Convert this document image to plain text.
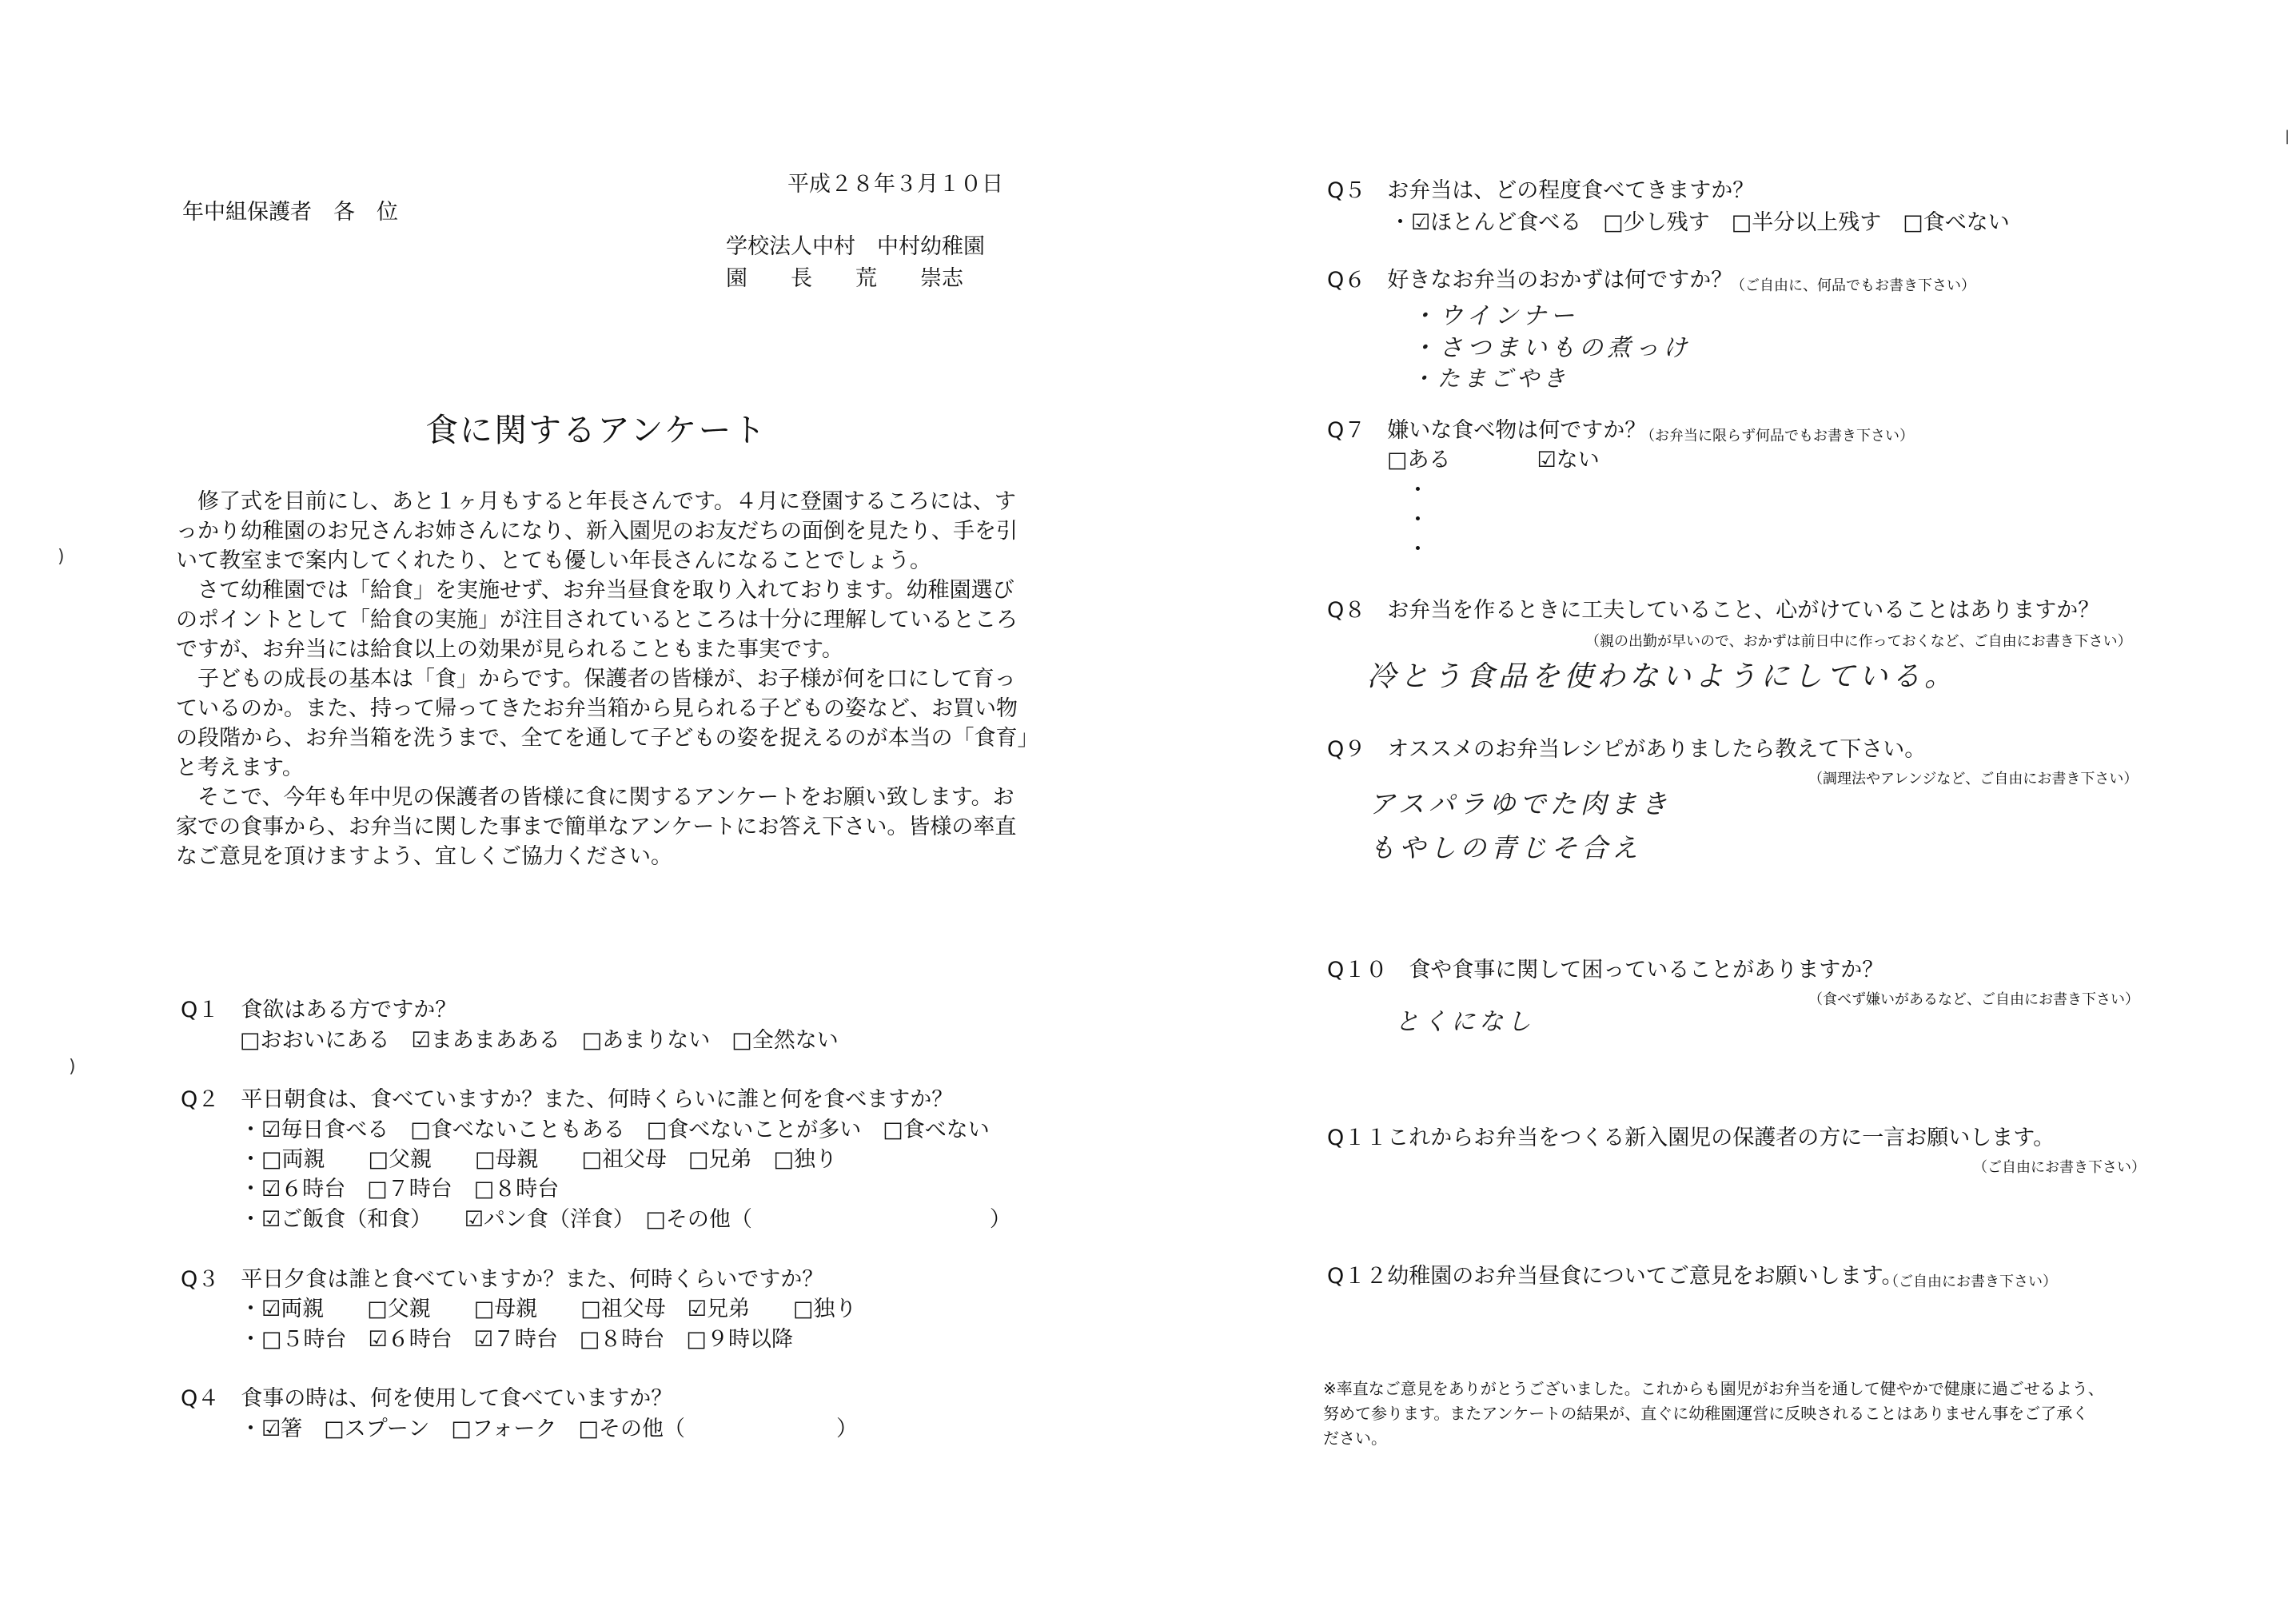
平成２８年３月１０日
年中組保護者　各　位
学校法人中村　中村幼稚園
園　　長　　荒　　崇志
食に関するアンケート
　修了式を目前にし、あと１ヶ月もすると年長さんです。４月に登園するころには、す
っかり幼稚園のお兄さんお姉さんになり、新入園児のお友だちの面倒を見たり、手を引
いて教室まで案内してくれたり、とても優しい年長さんになることでしょう。
　さて幼稚園では「給食」を実施せず、お弁当昼食を取り入れております。幼稚園選び
のポイントとして「給食の実施」が注目されているところは十分に理解しているところ
ですが、お弁当には給食以上の効果が見られることもまた事実です。
　子どもの成長の基本は「食」からです。保護者の皆様が、お子様が何を口にして育っ
ているのか。また、持って帰ってきたお弁当箱から見られる子どもの姿など、お買い物
の段階から、お弁当箱を洗うまで、全てを通して子どもの姿を捉えるのが本当の「食育」
と考えます。
　そこで、今年も年中児の保護者の皆様に食に関するアンケートをお願い致します。お
家での食事から、お弁当に関した事まで簡単なアンケートにお答え下さい。皆様の率直
なご意見を頂けますよう、宜しくご協力ください。
Q１　食欲はある方ですか？
□おおいにある　☑まあまあある　□あまりない　□全然ない
Q２　平日朝食は、食べていますか？また、何時くらいに誰と何を食べますか？
・☑毎日食べる　□食べないこともある　□食べないことが多い　□食べない
・□両親　　□父親　　□母親　　□祖父母　□兄弟　□独り
・☑６時台　□７時台　□８時台
・☑ご飯食（和食）　　☑パン食（洋食）　□その他（　　　　　　　　　　　）
Q３　平日夕食は誰と食べていますか？また、何時くらいですか？
・☑両親　　□父親　　□母親　　□祖父母　☑兄弟　　□独り
・□５時台　☑６時台　☑７時台　□８時台　□９時以降
Q４　食事の時は、何を使用して食べていますか？
・☑箸　□スプーン　□フォーク　□その他（　　　　　　　）
Q５　お弁当は、どの程度食べてきますか？
・☑ほとんど食べる　□少し残す　□半分以上残す　□食べない
Q６　好きなお弁当のおかずは何ですか？
（ご自由に、何品でもお書き下さい）
・ウインナー
・さつまいもの煮っけ
・たまごやき
Q７　嫌いな食べ物は何ですか？
（お弁当に限らず何品でもお書き下さい）
□ある　　　　☑ない
・
・
・
Q８　お弁当を作るときに工夫していること、心がけていることはありますか？
（親の出勤が早いので、おかずは前日中に作っておくなど、ご自由にお書き下さい）
冷とう食品を使わないようにしている。
Q９　オススメのお弁当レシピがありましたら教えて下さい。
（調理法やアレンジなど、ご自由にお書き下さい）
アスパラゆでた肉まき
もやしの青じそ合え
Q１０　食や食事に関して困っていることがありますか？
（食べず嫌いがあるなど、ご自由にお書き下さい）
とくになし
Q１１これからお弁当をつくる新入園児の保護者の方に一言お願いします。
（ご自由にお書き下さい）
Q１２幼稚園のお弁当昼食についてご意見をお願いします。
（ご自由にお書き下さい）
※率直なご意見をありがとうございました。これからも園児がお弁当を通して健やかで健康に過ごせるよう、
努めて参ります。またアンケートの結果が、直ぐに幼稚園運営に反映されることはありません事をご了承く
ださい。
)
)
|
